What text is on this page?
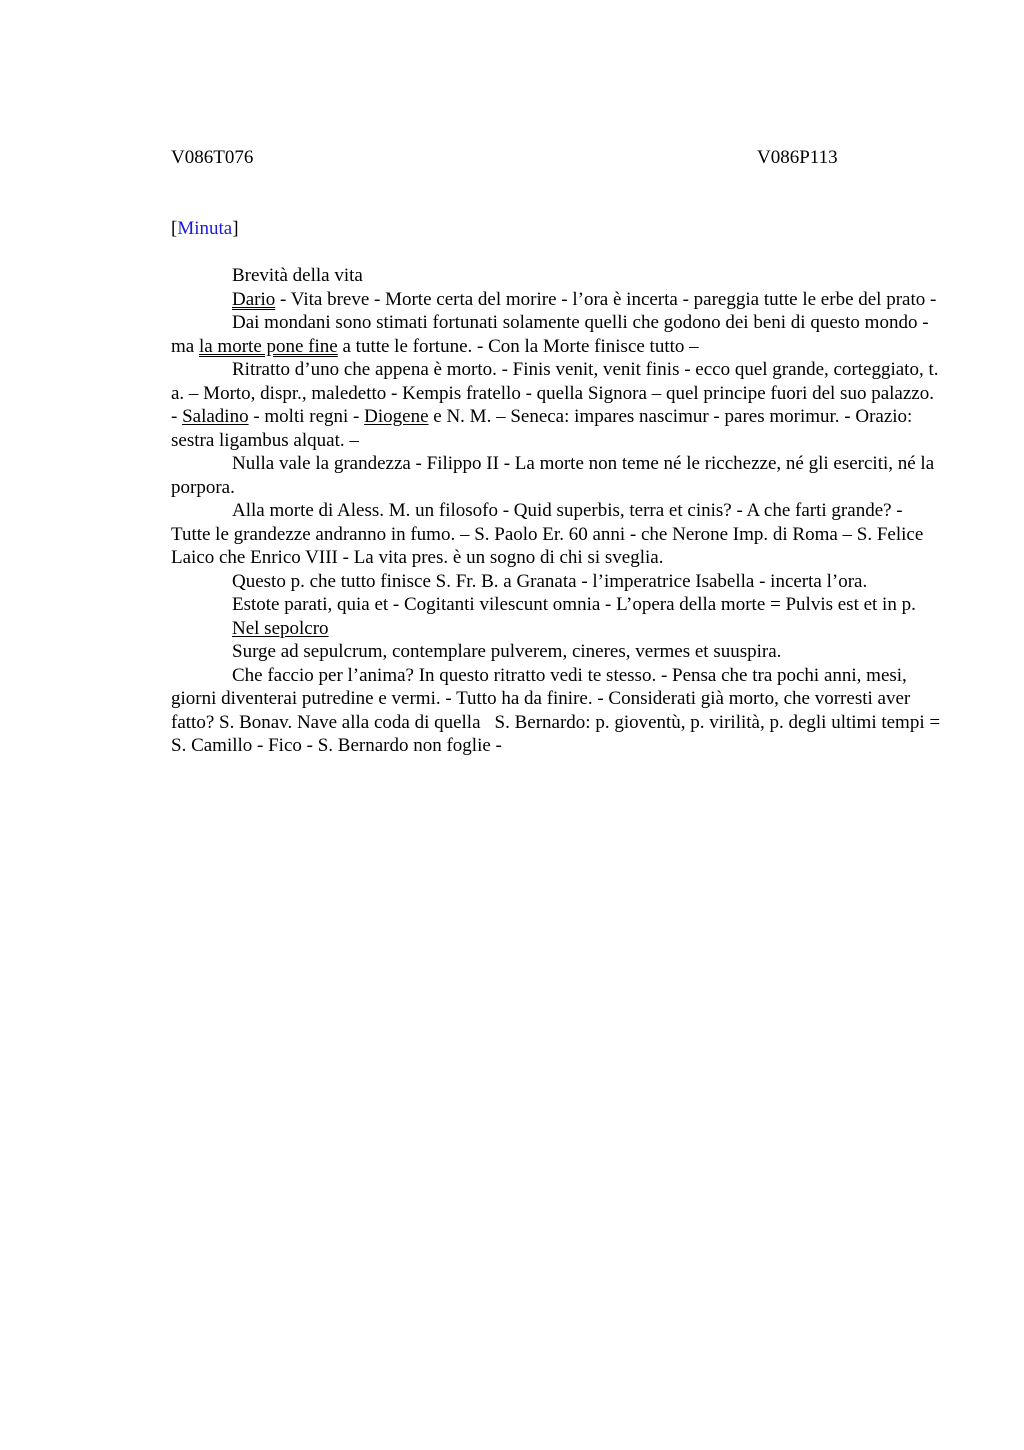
V086T076	V086P113
[Minuta]

Brevità della vita

Dario - Vita breve - Morte certa del morire - l’ora è incerta - pareggia tutte le erbe del prato -

Dai mondani sono stimati fortunati solamente quelli che godono dei beni di questo mondo - ma la morte pone fine a tutte le fortune. - Con la Morte finisce tutto –

Ritratto d’uno che appena è morto. - Finis venit, venit finis - ecco quel grande, corteggiato, t. a. – Morto, dispr., maledetto - Kempis fratello - quella Signora – quel principe fuori del suo palazzo. - Saladino - molti regni - Diogene e N. M. – Seneca: impares nascimur - pares morimur. - Orazio: sestra ligambus alquat. –

Nulla vale la grandezza - Filippo II - La morte non teme né le ricchezze, né gli eserciti, né la porpora.

Alla morte di Aless. M. un filosofo - Quid superbis, terra et cinis? - A che farti grande? - Tutte le grandezze andranno in fumo. – S. Paolo Er. 60 anni - che Nerone Imp. di Roma – S. Felice Laico che Enrico VIII - La vita pres. è un sogno di chi si sveglia.

Questo p. che tutto finisce S. Fr. B. a Granata - l’imperatrice Isabella - incerta l’ora.

Estote parati, quia et - Cogitanti vilescunt omnia - L’opera della morte = Pulvis est et in p.

Nel sepolcro

Surge ad sepulcrum, contemplare pulverem, cineres, vermes et suuspira.

Che faccio per l’anima? In questo ritratto vedi te stesso. - Pensa che tra pochi anni, mesi, giorni diventerai putredine e vermi. - Tutto ha da finire. - Considerati già morto, che vorresti aver fatto? S. Bonav. Nave alla coda di quella S. Bernardo: p. gioventù, p. virilità, p. degli ultimi tempi = S. Camillo - Fico - S. Bernardo non foglie -
